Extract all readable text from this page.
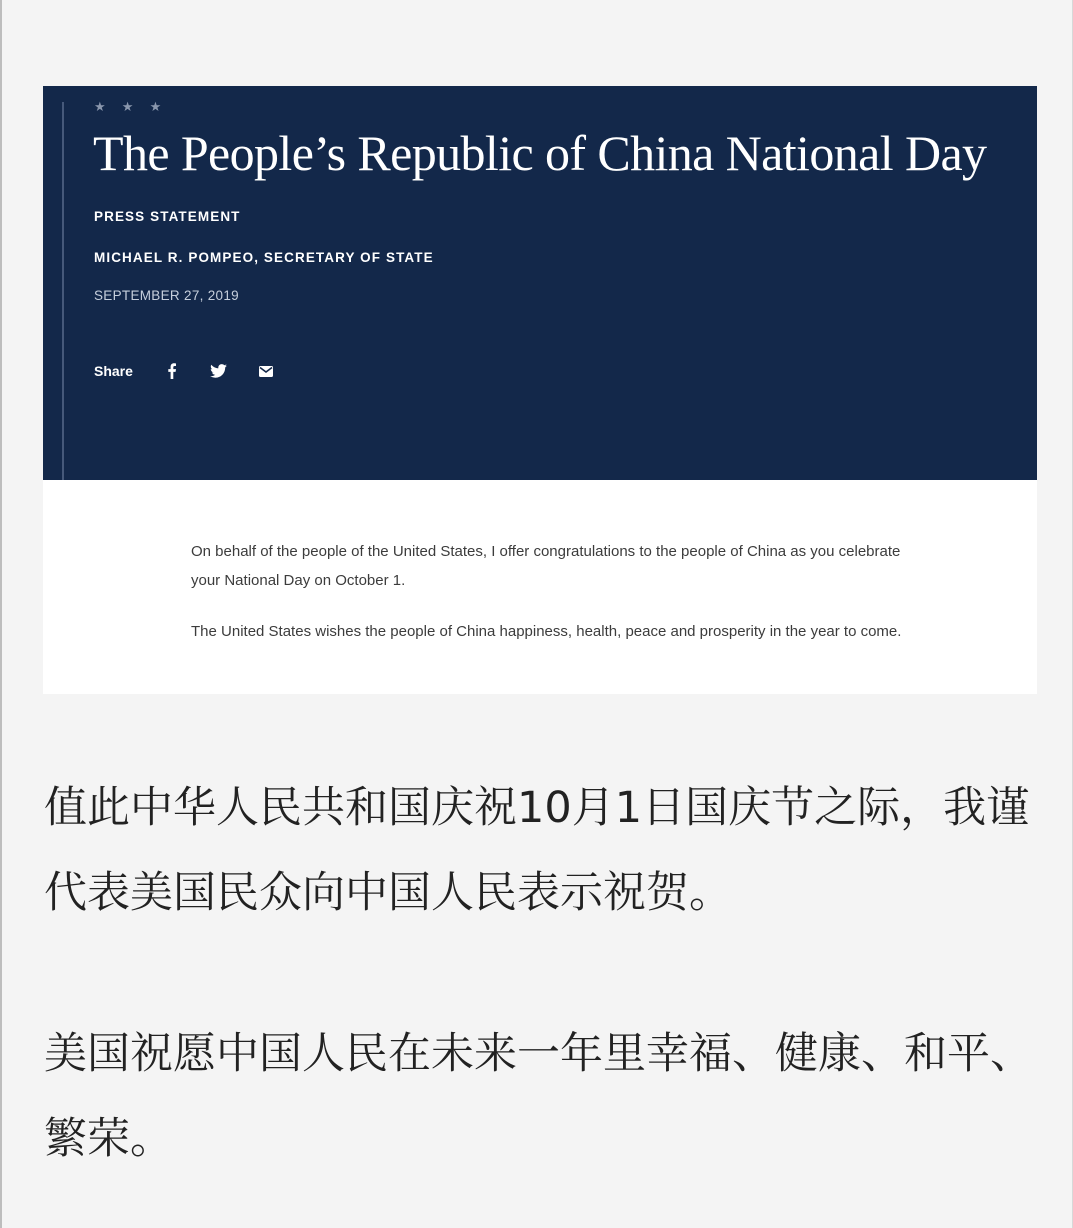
★ ★ ★
The People’s Republic of China National Day
PRESS STATEMENT
MICHAEL R. POMPEO, SECRETARY OF STATE
SEPTEMBER 27, 2019
Share

On behalf of the people of the United States, I offer congratulations to the people of China as you celebrate your National Day on October 1.

The United States wishes the people of China happiness, health, peace and prosperity in the year to come.

值此中华人民共和国庆祝10月1日国庆节之际，我谨代表美国民众向中国人民表示祝贺。

美国祝愿中国人民在未来一年里幸福、健康、和平、繁荣。
